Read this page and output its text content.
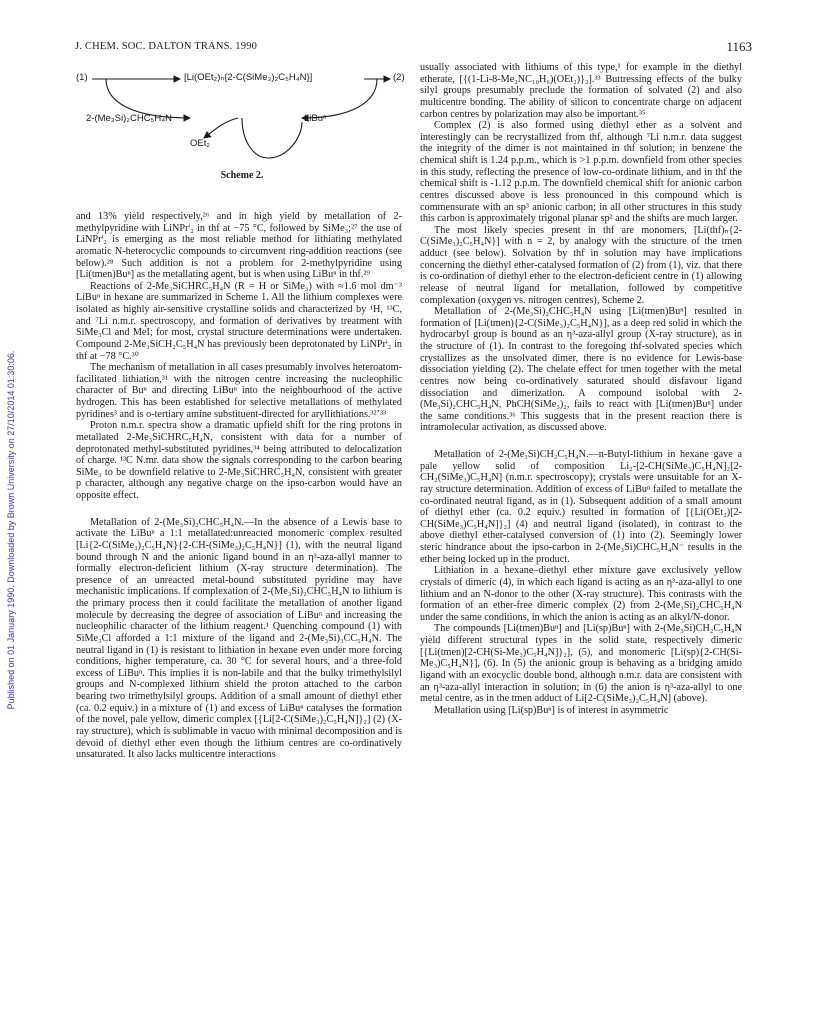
Published on 01 January 1990. Downloaded by Brown University on 27/10/2014 01:30:06.
J. CHEM. SOC. DALTON TRANS. 1990	1163
(1)	[Li(OEt₂)ₙ{2-C(SiMe₃)₂C₅H₄N}]	(2)
2-(Me₃Si)₂CHC₅H₄N	LiBuⁿ
OEt₂
Scheme 2.

and 13% yield respectively,²⁶ and in high yield by metallation of 2-methylpyridine with LiNPrⁱ₂ in thf at −75 °C, followed by SiMe₃;²⁷ the use of LiNPrⁱ₂ is emerging as the most reliable method for lithiating methylated aromatic N-heterocyclic compounds to circumvent ring-addition reactions (see below).²⁸ Such addition is not a problem for 2-methylpyridine using [Li(tmen)Buⁿ] as the metallating agent, but is when using LiBuⁿ in thf.²⁹

Reactions of 2-Me₃SiCHRC₅H₄N (R = H or SiMe₃) with ≈1.6 mol dm⁻³ LiBuⁿ in hexane are summarized in Scheme 1. All the lithium complexes were isolated as highly air-sensitive crystalline solids and characterized by ¹H, ¹³C, and ⁷Li n.m.r. spectroscopy, and formation of derivatives by treatment with SiMe₃Cl and MeI; for most, crystal structure determinations were undertaken. Compound 2-Me₃SiCH₂C₅H₄N has previously been deprotonated by LiNPrⁱ₂ in thf at −78 °C.³⁰

The mechanism of metallation in all cases presumably involves heteroatom-facilitated lithiation,³¹ with the nitrogen centre increasing the nucleophilic character of Buⁿ and directing LiBuⁿ into the neighbourhood of the active hydrogen. This has been established for selective metallations of methylated pyridines³ and is o-tertiary amine substituent-directed for aryllithiations.³²ʼ³³

Proton n.m.r. spectra show a dramatic upfield shift for the ring protons in metallated 2-Me₃SiCHRC₅H₄N, consistent with data for a number of deprotonated methyl-substituted pyridines,³⁴ being attributed to delocalization of charge. ¹³C N.mr. data show the signals corresponding to the carbon bearing SiMe₃ to be downfield relative to 2-Me₃SiCHRC₅H₄N, consistent with greater p character, although any negative charge on the ipso-carbon would have an opposite effect.

Metallation of 2-(Me₃Si)₂CHC₅H₄N.—In the absence of a Lewis base to activate the LiBuⁿ a 1:1 metallated:unreacted monomeric complex resulted [Li{2-C(SiMe₃)₂C₅H₄N}{2-CH-(SiMe₃)₂C₅H₄N}] (1), with the neutral ligand bound through N and the anionic ligand bound in an η³-aza-allyl manner to formally electron-deficient lithium (X-ray structure determination). The presence of an unreacted metal-bound substituted pyridine may have mechanistic implications. If complexation of 2-(Me₃Si)₂CHC₅H₄N to lithium is the primary process then it could facilitate the metallation of another ligand molecule by decreasing the degree of association of LiBuⁿ and increasing the nucleophilic character of the lithium reagent.¹ Quenching compound (1) with SiMe₃Cl afforded a 1:1 mixture of the ligand and 2-(Me₃Si)₃CC₅H₄N. The neutral ligand in (1) is resistant to lithiation in hexane even under more forcing conditions, higher temperature, ca. 30 °C for several hours, and a three-fold excess of LiBuⁿ. This implies it is non-labile and that the bulky trimethylsilyl groups and N-complexed lithium shield the proton attached to the carbon bearing two trimethylsilyl groups. Addition of a small amount of diethyl ether (ca. 0.2 equiv.) in a mixture of (1) and excess of LiBuⁿ catalyses the formation of the novel, pale yellow, dimeric complex [{Li[2-C(SiMe₃)₂C₅H₄N]}₂] (2) (X-ray structure), which is sublimable in vacuo with minimal decomposition and is devoid of diethyl ether even though the lithium centres are co-ordinatively unsaturated. It also lacks multicentre interactions

usually associated with lithiums of this type,¹ for example in the diethyl etherate, [{(1-Li-8-Me₂NC₁₀H₆)(OEt₂)}₂].³³ Buttressing effects of the bulky silyl groups presumably preclude the formation of solvated (2) and also multicentre bonding. The ability of silicon to concentrate charge on adjacent carbon centres by polarization may also be important.³⁵

Complex (2) is also formed using diethyl ether as a solvent and interestingly can be recrystallized from thf, although ⁷Li n.m.r. data suggest the integrity of the dimer is not maintained in thf solution; in benzene the chemical shift is 1.24 p.p.m., which is >1 p.p.m. downfield from other species in this study, reflecting the presence of low-co-ordinate lithium, and in thf the chemical shift is -1.12 p.p.m. The downfield chemical shift for anionic carbon centres discussed above is less pronounced in this compound which is commensurate with an sp³ anionic carbon; in all other structures in this study this carbon is approximately trigonal planar sp² and the shifts are much larger.

The most likely species present in thf are monomers, [Li(thf)ₙ{2-C(SiMe₃)₂C₅H₄N}] with n = 2, by analogy with the structure of the tmen adduct (see below). Solvation by thf in solution may have implications concerning the diethyl ether-catalysed formation of (2) from (1), viz. that there is co-ordination of diethyl ether to the electron-deficient centre in (1) allowing release of neutral ligand for metallation, followed by competitive complexation (oxygen vs. nitrogen centres), Scheme 2.

Metallation of 2-(Me₃Si)₂CHC₅H₄N using [Li(tmen)Buⁿ] resulted in formation of [Li(tmen){2-C(SiMe₃)₂C₅H₄N}], as a deep red solid in which the hydrocarbyl group is bound as an η³-aza-allyl group (X-ray structure), as in the structure of (1). In contrast to the foregoing thf-solvated species which crystallizes as the unsolvated dimer, there is no evidence for Lewis-base dissociation yielding (2). The chelate effect for tmen together with the metal centres now being co-ordinatively saturated should disfavour ligand dissociation and dimerization. A compound isolobal with 2-(Me₃Si)₂CHC₅H₄N, PhCH(SiMe₃)₂, fails to react with [Li(tmen)Buⁿ] under the same conditions.³⁶ This suggests that in the present reaction there is intramolecular activation, as discussed above.

Metallation of 2-(Me₃Si)CH₂C₅H₄N.—n-Butyl-lithium in hexane gave a pale yellow solid of composition Li₂-[2-CH(SiMe₃)C₅H₄N]₂[2-CH₂(SiMe₃)C₅H₄N] (n.m.r. spectroscopy); crystals were unsuitable for an X-ray structure determination. Addition of excess of LiBuⁿ failed to metallate the co-ordinated neutral ligand, as in (1). Subsequent addition of a small amount of diethyl ether (ca. 0.2 equiv.) resulted in formation of [{Li(OEt₂)[2-CH(SiMe₃)C₅H₄N]}₂] (4) and neutral ligand (isolated), in contrast to the above diethyl ether-catalysed conversion of (1) into (2). Seemingly lower steric hindrance about the ipso-carbon in 2-(Me₃Si)CHC₅H₄N⁻ results in the ether being locked up in the product.

Lithiation in a hexane–diethyl ether mixture gave exclusively yellow crystals of dimeric (4), in which each ligand is acting as an η³-aza-allyl to one lithium and an N-donor to the other (X-ray structure). This contrasts with the formation of an ether-free dimeric complex (2) from 2-(Me₃Si)₂CHC₅H₄N under the same conditions, in which the anion is acting as an alkyl/N-donor.

The compounds [Li(tmen)Buⁿ] and [Li(sp)Buⁿ] with 2-(Me₃Si)CH₂C₅H₄N yield different structural types in the solid state, respectively dimeric [{Li(tmen)[2-CH(Si-Me₃)C₅H₄N]}₂], (5), and monomeric [Li(sp){2-CH(Si-Me₃)C₅H₄N}], (6). In (5) the anionic group is behaving as a bridging amido ligand with an exocyclic double bond, although n.m.r. data are consistent with an η³-aza-allyl interaction in solution; in (6) the anion is η³-aza-allyl to one metal centre, as in the tmen adduct of Li[2-C(SiMe₃)₂C₅H₄N] (above).

Metallation using [Li(sp)Buⁿ] is of interest in asymmetric
